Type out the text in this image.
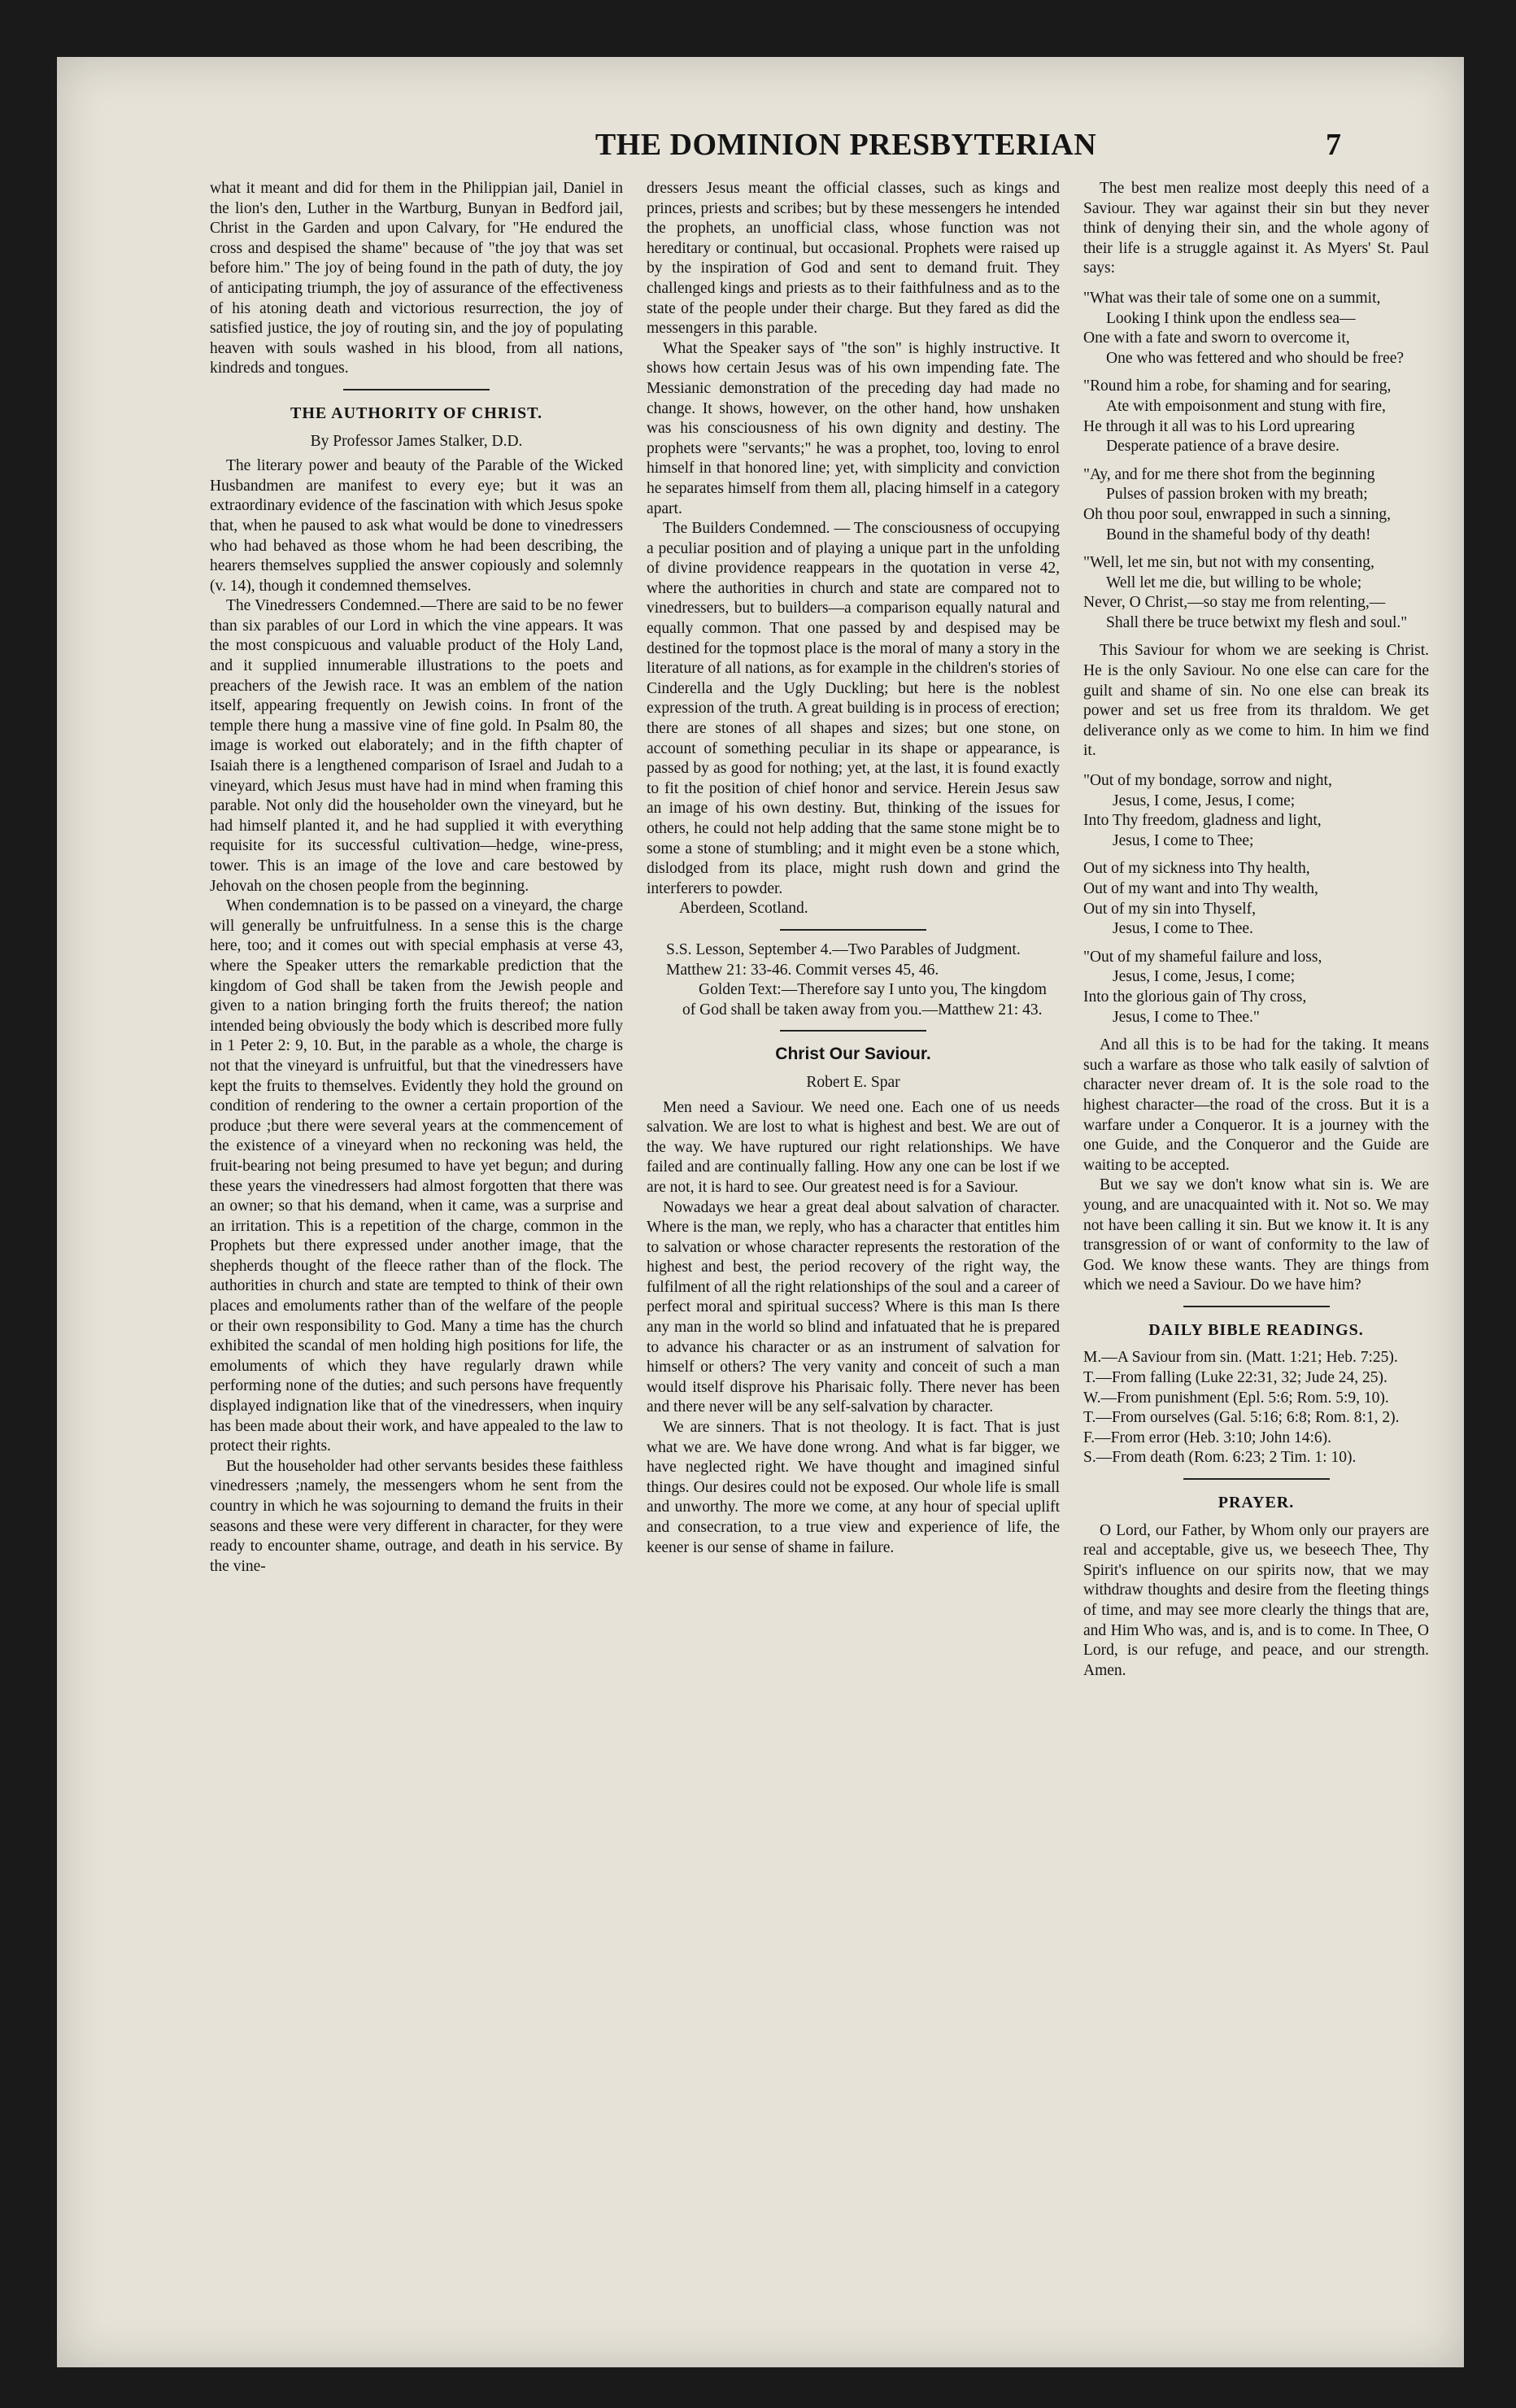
THE DOMINION PRESBYTERIAN	7

what it meant and did for them in the Philippian jail, Daniel in the lion's den, Luther in the Wartburg, Bunyan in Bedford jail, Christ in the Garden and upon Calvary, for "He endured the cross and despised the shame" because of "the joy that was set before him." The joy of being found in the path of duty, the joy of anticipating triumph, the joy of assurance of the effectiveness of his atoning death and victorious resurrection, the joy of satisfied justice, the joy of routing sin, and the joy of populating heaven with souls washed in his blood, from all nations, kindreds and tongues.

THE AUTHORITY OF CHRIST.

By Professor James Stalker, D.D.

The literary power and beauty of the Parable of the Wicked Husbandmen are manifest to every eye; but it was an extraordinary evidence of the fascination with which Jesus spoke that, when he paused to ask what would be done to vinedressers who had behaved as those whom he had been describing, the hearers themselves supplied the answer copiously and solemnly (v. 14), though it condemned themselves.

The Vinedressers Condemned.—There are said to be no fewer than six parables of our Lord in which the vine appears. It was the most conspicuous and valuable product of the Holy Land, and it supplied innumerable illustrations to the poets and preachers of the Jewish race. It was an emblem of the nation itself, appearing frequently on Jewish coins. In front of the temple there hung a massive vine of fine gold. In Psalm 80, the image is worked out elaborately; and in the fifth chapter of Isaiah there is a lengthened comparison of Israel and Judah to a vineyard, which Jesus must have had in mind when framing this parable. Not only did the householder own the vineyard, but he had himself planted it, and he had supplied it with everything requisite for its successful cultivation—hedge, wine-press, tower. This is an image of the love and care bestowed by Jehovah on the chosen people from the beginning.

When condemnation is to be passed on a vineyard, the charge will generally be unfruitfulness. In a sense this is the charge here, too; and it comes out with special emphasis at verse 43, where the Speaker utters the remarkable prediction that the kingdom of God shall be taken from the Jewish people and given to a nation bringing forth the fruits thereof; the nation intended being obviously the body which is described more fully in 1 Peter 2: 9, 10. But, in the parable as a whole, the charge is not that the vineyard is unfruitful, but that the vinedressers have kept the fruits to themselves. Evidently they hold the ground on condition of rendering to the owner a certain proportion of the produce ;but there were several years at the commencement of the existence of a vineyard when no reckoning was held, the fruit-bearing not being presumed to have yet begun; and during these years the vinedressers had almost forgotten that there was an owner; so that his demand, when it came, was a surprise and an irritation. This is a repetition of the charge, common in the Prophets but there expressed under another image, that the shepherds thought of the fleece rather than of the flock. The authorities in church and state are tempted to think of their own places and emoluments rather than of the welfare of the people or their own responsibility to God. Many a time has the church exhibited the scandal of men holding high positions for life, the emoluments of which they have regularly drawn while performing none of the duties; and such persons have frequently displayed indignation like that of the vinedressers, when inquiry has been made about their work, and have appealed to the law to protect their rights.

But the householder had other servants besides these faithless vinedressers ;namely, the messengers whom he sent from the country in which he was sojourning to demand the fruits in their seasons and these were very different in character, for they were ready to encounter shame, outrage, and death in his service. By the vine-

dressers Jesus meant the official classes, such as kings and princes, priests and scribes; but by these messengers he intended the prophets, an unofficial class, whose function was not hereditary or continual, but occasional. Prophets were raised up by the inspiration of God and sent to demand fruit. They challenged kings and priests as to their faithfulness and as to the state of the people under their charge. But they fared as did the messengers in this parable.

What the Speaker says of "the son" is highly instructive. It shows how certain Jesus was of his own impending fate. The Messianic demonstration of the preceding day had made no change. It shows, however, on the other hand, how unshaken was his consciousness of his own dignity and destiny. The prophets were "servants;" he was a prophet, too, loving to enrol himself in that honored line; yet, with simplicity and conviction he separates himself from them all, placing himself in a category apart.

The Builders Condemned. — The consciousness of occupying a peculiar position and of playing a unique part in the unfolding of divine providence reappears in the quotation in verse 42, where the authorities in church and state are compared not to vinedressers, but to builders—a comparison equally natural and equally common. That one passed by and despised may be destined for the topmost place is the moral of many a story in the literature of all nations, as for example in the children's stories of Cinderella and the Ugly Duckling; but here is the noblest expression of the truth. A great building is in process of erection; there are stones of all shapes and sizes; but one stone, on account of something peculiar in its shape or appearance, is passed by as good for nothing; yet, at the last, it is found exactly to fit the position of chief honor and service. Herein Jesus saw an image of his own destiny. But, thinking of the issues for others, he could not help adding that the same stone might be to some a stone of stumbling; and it might even be a stone which, dislodged from its place, might rush down and grind the interferers to powder.

Aberdeen, Scotland.

S.S. Lesson, September 4.—Two Parables of Judgment. Matthew 21: 33-46. Commit verses 45, 46.
Golden Text:—Therefore say I unto you, The kingdom of God shall be taken away from you.—Matthew 21: 43.
Christ Our Saviour.

Robert E. Spar

Men need a Saviour. We need one. Each one of us needs salvation. We are lost to what is highest and best. We are out of the way. We have ruptured our right relationships. We have failed and are continually falling. How any one can be lost if we are not, it is hard to see. Our greatest need is for a Saviour.

Nowadays we hear a great deal about salvation of character. Where is the man, we reply, who has a character that entitles him to salvation or whose character represents the restoration of the highest and best, the period recovery of the right way, the fulfilment of all the right relationships of the soul and a career of perfect moral and spiritual success? Where is this man Is there any man in the world so blind and infatuated that he is prepared to advance his character or as an instrument of salvation for himself or others? The very vanity and conceit of such a man would itself disprove his Pharisaic folly. There never has been and there never will be any self-salvation by character.

We are sinners. That is not theology. It is fact. That is just what we are. We have done wrong. And what is far bigger, we have neglected right. We have thought and imagined sinful things. Our desires could not be exposed. Our whole life is small and unworthy. The more we come, at any hour of special uplift and consecration, to a true view and experience of life, the keener is our sense of shame in failure.

The best men realize most deeply this need of a Saviour. They war against their sin but they never think of denying their sin, and the whole agony of their life is a struggle against it. As Myers' St. Paul says:

"What was their tale of some one on a summit,
Looking I think upon the endless sea—
One with a fate and sworn to overcome it,
One who was fettered and who should be free?
"Round him a robe, for shaming and for searing,
Ate with empoisonment and stung with fire,
He through it all was to his Lord uprearing
Desperate patience of a brave desire.
"Ay, and for me there shot from the beginning
Pulses of passion broken with my breath;
Oh thou poor soul, enwrapped in such a sinning,
Bound in the shameful body of thy death!
"Well, let me sin, but not with my consenting,
Well let me die, but willing to be whole;
Never, O Christ,—so stay me from relenting,—
Shall there be truce betwixt my flesh and soul."

This Saviour for whom we are seeking is Christ. He is the only Saviour. No one else can care for the guilt and shame of sin. No one else can break its power and set us free from its thraldom. We get deliverance only as we come to him. In him we find it.

"Out of my bondage, sorrow and night,
Jesus, I come, Jesus, I come;
Into Thy freedom, gladness and light,
Jesus, I come to Thee;
Out of my sickness into Thy health,
Out of my want and into Thy wealth,
Out of my sin into Thyself,
Jesus, I come to Thee.
"Out of my shameful failure and loss,
Jesus, I come, Jesus, I come;
Into the glorious gain of Thy cross,
Jesus, I come to Thee."

And all this is to be had for the taking. It means such a warfare as those who talk easily of salvtion of character never dream of. It is the sole road to the highest character—the road of the cross. But it is a warfare under a Conqueror. It is a journey with the one Guide, and the Conqueror and the Guide are waiting to be accepted.

But we say we don't know what sin is. We are young, and are unacquainted with it. Not so. We may not have been calling it sin. But we know it. It is any transgression of or want of conformity to the law of God. We know these wants. They are things from which we need a Saviour. Do we have him?

DAILY BIBLE READINGS.
M.—A Saviour from sin. (Matt. 1:21; Heb. 7:25).
T.—From falling (Luke 22:31, 32; Jude 24, 25).
W.—From punishment (Epl. 5:6; Rom. 5:9, 10).
T.—From ourselves (Gal. 5:16; 6:8; Rom. 8:1, 2).
F.—From error (Heb. 3:10; John 14:6).
S.—From death (Rom. 6:23; 2 Tim. 1: 10).
PRAYER.

O Lord, our Father, by Whom only our prayers are real and acceptable, give us, we beseech Thee, Thy Spirit's influence on our spirits now, that we may withdraw thoughts and desire from the fleeting things of time, and may see more clearly the things that are, and Him Who was, and is, and is to come. In Thee, O Lord, is our refuge, and peace, and our strength. Amen.
